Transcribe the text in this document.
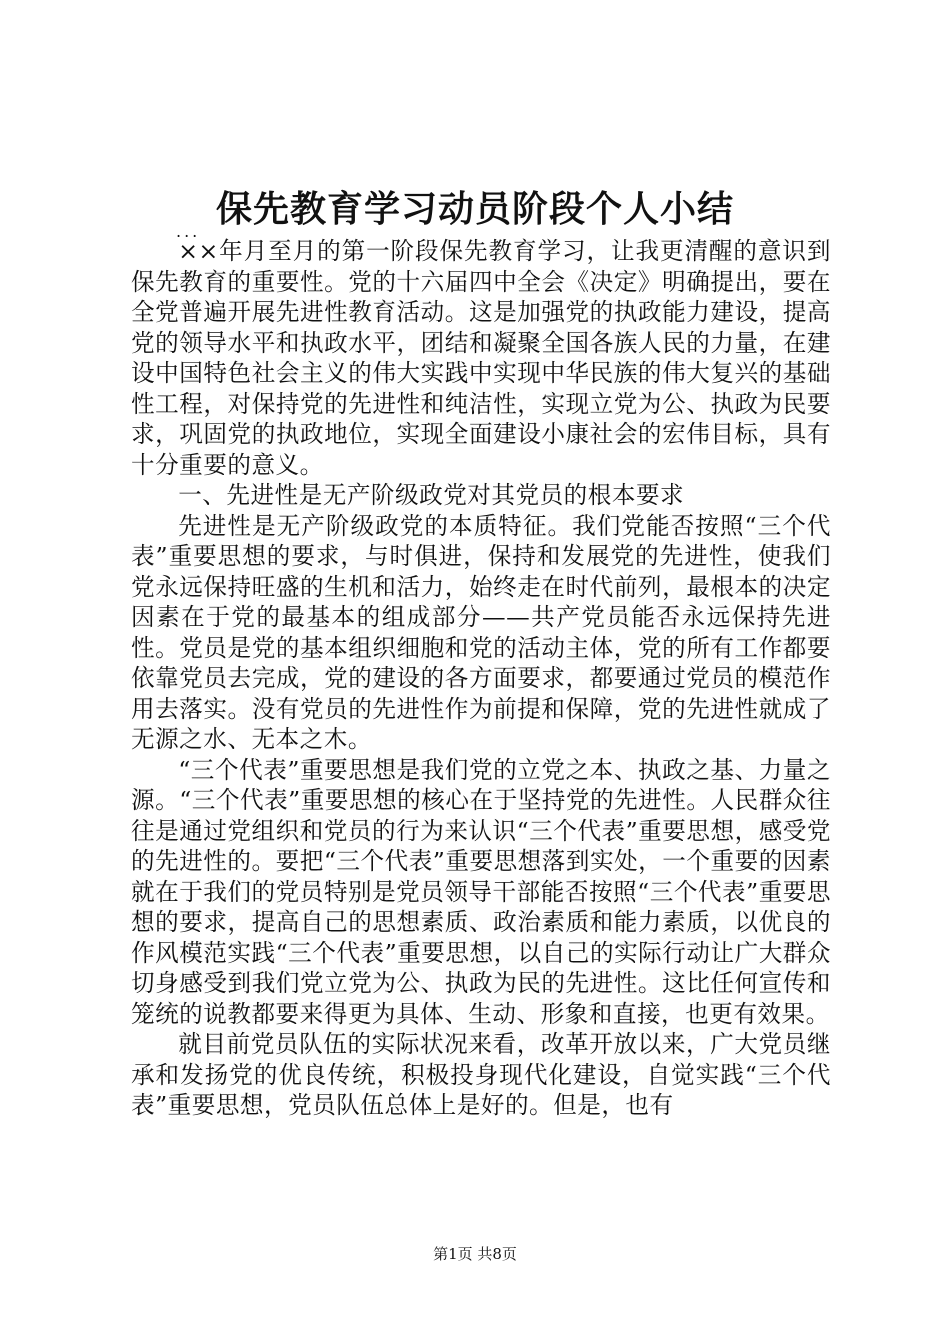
保先教育学习动员阶段个人小结
...

××年月至月的第一阶段保先教育学习，让我更清醒的意识到保先教育的重要性。党的十六届四中全会《决定》明确提出，要在全党普遍开展先进性教育活动。这是加强党的执政能力建设，提高党的领导水平和执政水平，团结和凝聚全国各族人民的力量，在建设中国特色社会主义的伟大实践中实现中华民族的伟大复兴的基础性工程，对保持党的先进性和纯洁性，实现立党为公、执政为民要求，巩固党的执政地位，实现全面建设小康社会的宏伟目标，具有十分重要的意义。

一、先进性是无产阶级政党对其党员的根本要求

先进性是无产阶级政党的本质特征。我们党能否按照“三个代表”重要思想的要求，与时俱进，保持和发展党的先进性，使我们党永远保持旺盛的生机和活力，始终走在时代前列，最根本的决定因素在于党的最基本的组成部分——共产党员能否永远保持先进性。党员是党的基本组织细胞和党的活动主体，党的所有工作都要依靠党员去完成，党的建设的各方面要求，都要通过党员的模范作用去落实。没有党员的先进性作为前提和保障，党的先进性就成了无源之水、无本之木。

“三个代表”重要思想是我们党的立党之本、执政之基、力量之源。“三个代表”重要思想的核心在于坚持党的先进性。人民群众往往是通过党组织和党员的行为来认识“三个代表”重要思想，感受党的先进性的。要把“三个代表”重要思想落到实处，一个重要的因素就在于我们的党员特别是党员领导干部能否按照“三个代表”重要思想的要求，提高自己的思想素质、政治素质和能力素质，以优良的作风模范实践“三个代表”重要思想，以自己的实际行动让广大群众切身感受到我们党立党为公、执政为民的先进性。这比任何宣传和笼统的说教都要来得更为具体、生动、形象和直接，也更有效果。

就目前党员队伍的实际状况来看，改革开放以来，广大党员继承和发扬党的优良传统，积极投身现代化建设，自觉实践“三个代表”重要思想，党员队伍总体上是好的。但是，也有

第1页 共8页
